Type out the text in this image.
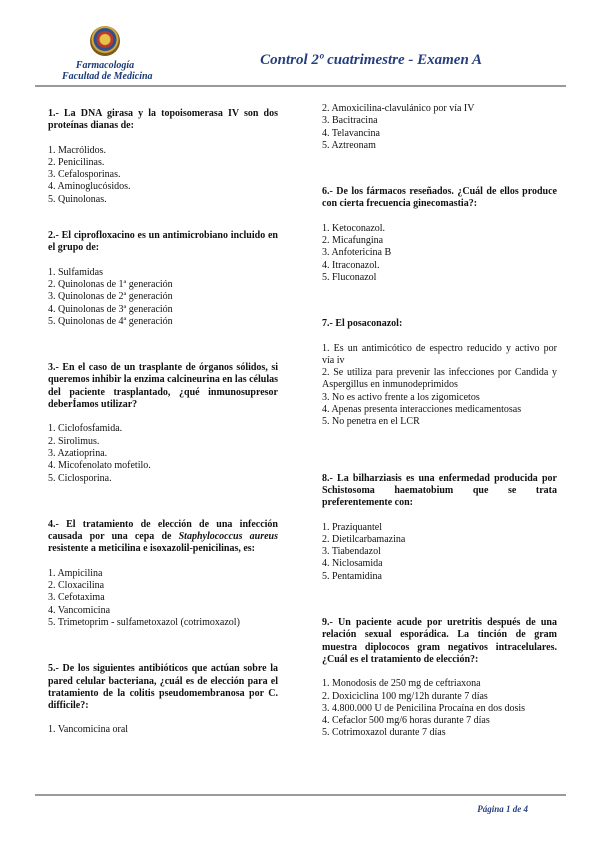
Farmacología
Facultad de Medicina
Control 2º cuatrimestre - Examen A
1.- La DNA girasa y la topoisomerasa IV son dos proteínas dianas de:
1. Macrólidos.
2. Penicilinas.
3. Cefalosporinas.
4. Aminoglucósidos.
5. Quinolonas.
2.- El ciprofloxacino es un antimicrobiano incluido en el grupo de:
1. Sulfamidas
2. Quinolonas de 1ª generación
3. Quinolonas de 2ª generación
4. Quinolonas de 3ª generación
5. Quinolonas de 4ª generación
3.- En el caso de un trasplante de órganos sólidos, si queremos inhibir la enzima calcineurina en las células del paciente trasplantado, ¿qué inmunosupresor deberÍamos utilizar?
1. Ciclofosfamida.
2. Sirolimus.
3. Azatioprina.
4. Micofenolato mofetilo.
5. Ciclosporina.
4.- El tratamiento de elección de una infección causada por una cepa de Staphylococcus aureus resistente a meticilina e isoxazolil-penicilinas, es:
1. Ampicilina
2. Cloxacilina
3. Cefotaxima
4. Vancomicina
5. Trimetoprim - sulfametoxazol (cotrimoxazol)
5.- De los siguientes antibióticos que actúan sobre la pared celular bacteriana, ¿cuál es de elección para el tratamiento de la colitis pseudomembranosa por C. difficile?:
1. Vancomicina oral
2. Amoxicilina-clavulánico por vía IV
3. Bacitracina
4. Telavancina
5. Aztreonam
6.- De los fármacos reseñados. ¿Cuál de ellos produce con cierta frecuencia ginecomastia?:
1. Ketoconazol.
2. Micafungina
3. Anfotericina B
4. Itraconazol.
5. Fluconazol
7.- El posaconazol:
1. Es un antimicótico de espectro reducido y activo por vía iv
2. Se utiliza para prevenir las infecciones por Candida y Aspergillus en inmunodeprimidos
3. No es activo frente a los zigomicetos
4. Apenas presenta interacciones medicamentosas
5. No penetra en el LCR
8.- La bilharziasis es una enfermedad producida por Schistosoma haematobium que se trata preferentemente con:
1. Praziquantel
2. Dietilcarbamazina
3. Tiabendazol
4. Niclosamida
5. Pentamidina
9.- Un paciente acude por uretritis después de una relación sexual esporádica. La tinción de gram muestra diplococos gram negativos intracelulares. ¿Cuál es el tratamiento de elección?:
1. Monodosis de 250 mg de ceftriaxona
2. Doxiciclina 100 mg/12h durante 7 días
3. 4.800.000 U de Penicilina Procaína en dos dosis
4. Cefaclor 500 mg/6 horas durante 7 días
5. Cotrimoxazol durante 7 días
Página 1 de 4
